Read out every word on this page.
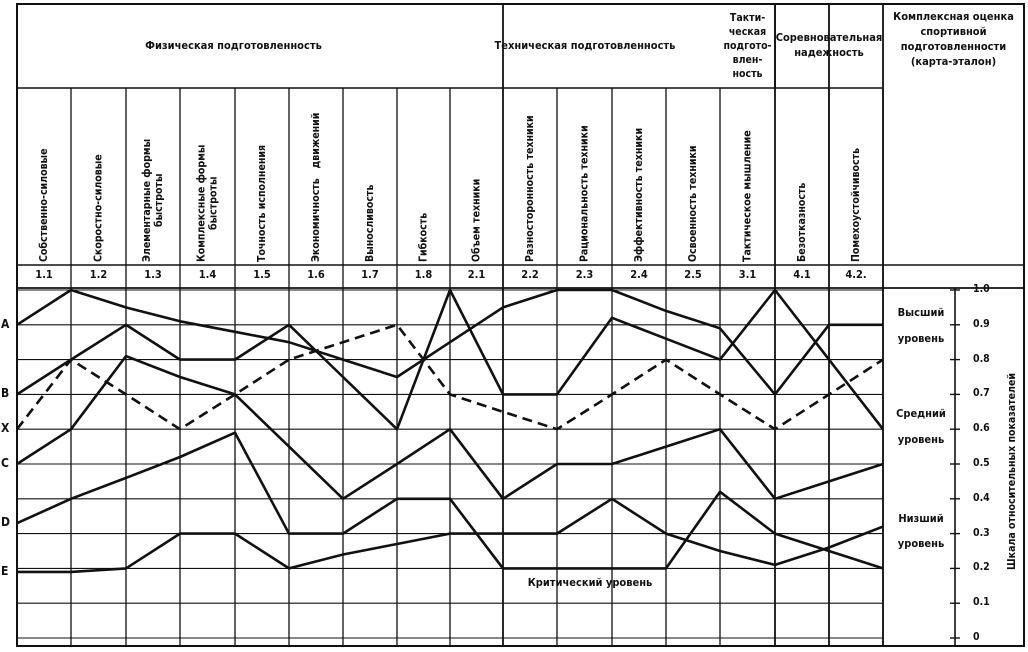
Физическая подготовленность	Техническая подготовленность
Такти-
ческая
подгото-
влен-
ность
Соревновательная
надежность
Комплексная оценка
спортивной
подготовленности
(карта-эталон)
Собственно-силовые
1.1
Скоростно-силовые
1.2
Элементарные формы
быстроты
1.3
Комплексные формы
быстроты
1.4
Точность исполнения
1.5
Экономичность   движений
1.6
Выносливость
1.7
Гибкость
1.8
Объем техники
2.1
Разносторонность техники
2.2
Рациональность техники
2.3
Эффективность техники
2.4
Освоенность техники
2.5
Тактическое мышление
3.1
Безотказность
4.1
Помехоустойчивость
4.2.
A
B
X
C
D
E
Высший
уровень
Средний
уровень
Низший
уровень
Критический уровень
0
0.1
0.2
0.3
0.4
0.5
0.6
0.7
0.8
0.9
1.0
Шкала относительных показателей
